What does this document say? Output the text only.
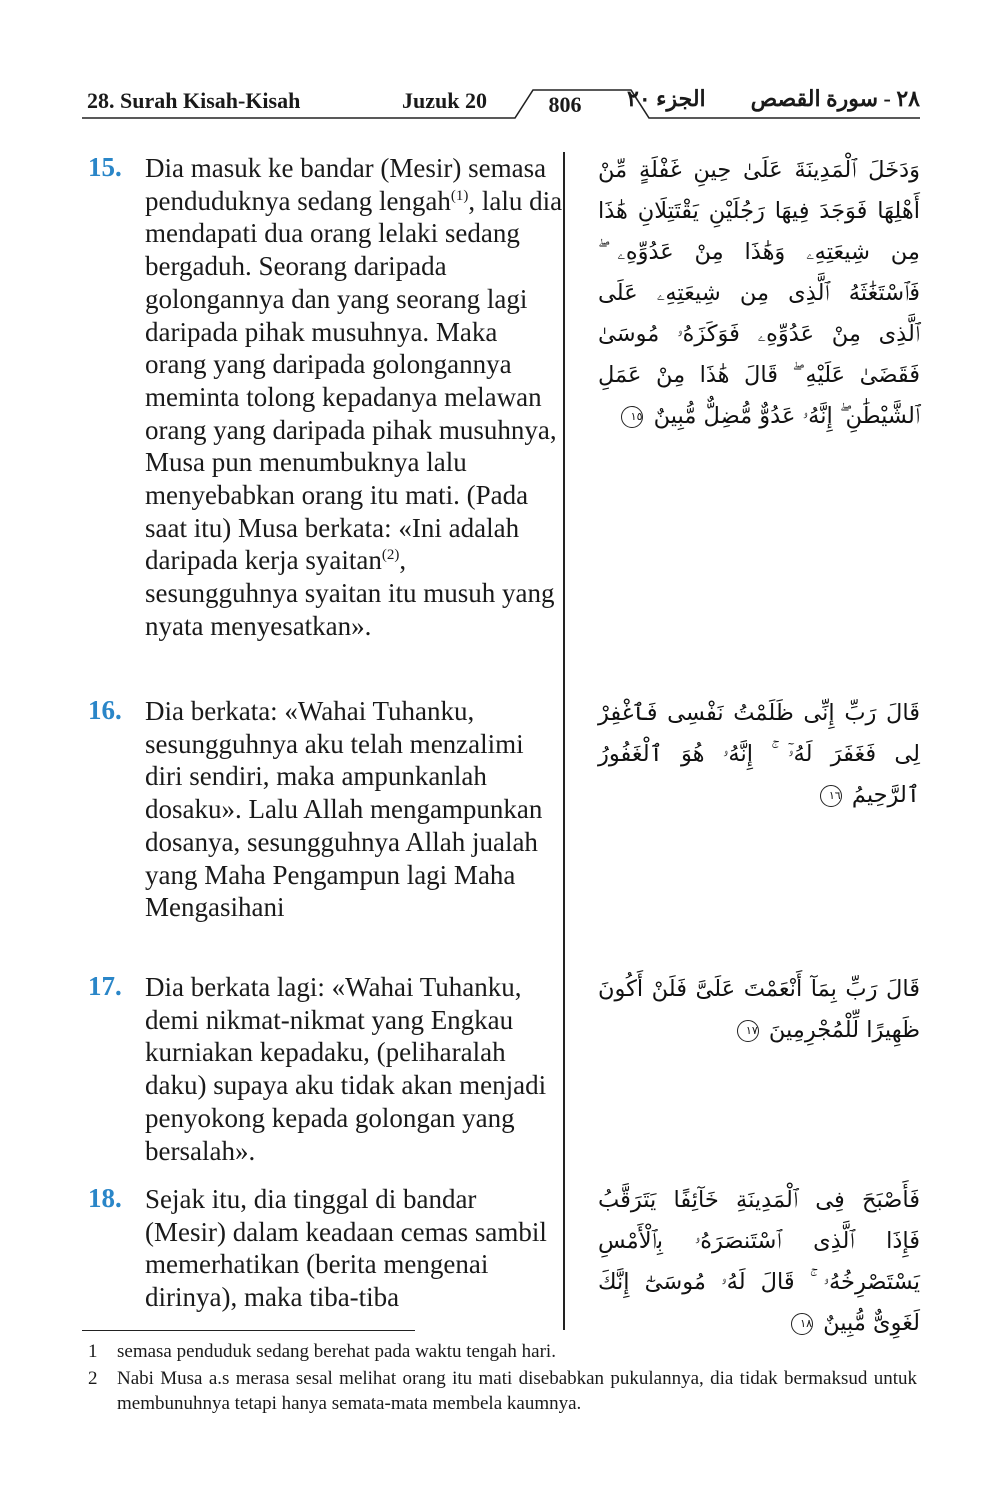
28. Surah Kisah-Kisah	Juzuk 20	806	الجزء ٢٠ ٢٨ - سورة القصص
15. Dia masuk ke bandar (Mesir) semasa penduduknya sedang lengah$^{(1)}$, lalu dia mendapati dua orang lelaki sedang bergaduh. Seorang daripada golongannya dan yang seorang lagi daripada pihak musuhnya. Maka orang yang daripada golongannya meminta tolong kepadanya melawan orang yang daripada pihak musuhnya, Musa pun menumbuknya lalu menyebabkan orang itu mati. (Pada saat itu) Musa berkata: «Ini adalah daripada kerja syaitan$^{(2)}$, sesungguhnya syaitan itu musuh yang nyata menyesatkan».
وَدَخَلَ ٱلْمَدِينَةَ عَلَىٰ حِينِ غَفْلَةٍ مِّنْ أَهْلِهَا فَوَجَدَ فِيهَا رَجُلَيْنِ يَقْتَتِلَانِ هَٰذَا مِن شِيعَتِهِۦ وَهَٰذَا مِنْ عَدُوِّهِۦ ۖ فَٱسْتَغَٰثَهُ ٱلَّذِى مِن شِيعَتِهِۦ عَلَى ٱلَّذِى مِنْ عَدُوِّهِۦ فَوَكَزَهُۥ مُوسَىٰ فَقَضَىٰ عَلَيْهِ ۖ قَالَ هَٰذَا مِنْ عَمَلِ ٱلشَّيْطَٰنِ ۖ إِنَّهُۥ عَدُوٌّ مُّضِلٌّ مُّبِينٌ ١٥
16. Dia berkata: «Wahai Tuhanku, sesungguhnya aku telah menzalimi diri sendiri, maka ampunkanlah dosaku». Lalu Allah mengampunkan dosanya, sesungguhnya Allah jualah yang Maha Pengampun lagi Maha Mengasihani
قَالَ رَبِّ إِنِّى ظَلَمْتُ نَفْسِى فَٱغْفِرْ لِى فَغَفَرَ لَهُۥٓ ۚ إِنَّهُۥ هُوَ ٱلْغَفُورُ ٱلرَّحِيمُ ١٦
17. Dia berkata lagi: «Wahai Tuhanku, demi nikmat-nikmat yang Engkau kurniakan kepadaku, (peliharalah daku) supaya aku tidak akan menjadi penyokong kepada golongan yang bersalah».
قَالَ رَبِّ بِمَآ أَنْعَمْتَ عَلَىَّ فَلَنْ أَكُونَ ظَهِيرًا لِّلْمُجْرِمِينَ ١٧
18. Sejak itu, dia tinggal di bandar (Mesir) dalam keadaan cemas sambil memerhatikan (berita mengenai dirinya), maka tiba-tiba
فَأَصْبَحَ فِى ٱلْمَدِينَةِ خَآئِفًا يَتَرَقَّبُ فَإِذَا ٱلَّذِى ٱسْتَنصَرَهُۥ بِٱلْأَمْسِ يَسْتَصْرِخُهُۥ ۚ قَالَ لَهُۥ مُوسَىٰٓ إِنَّكَ لَغَوِىٌّ مُّبِينٌ ١٨
1 semasa penduduk sedang berehat pada waktu tengah hari.
2 Nabi Musa a.s merasa sesal melihat orang itu mati disebabkan pukulannya, dia tidak bermaksud untuk membunuhnya tetapi hanya semata-mata membela kaumnya.
